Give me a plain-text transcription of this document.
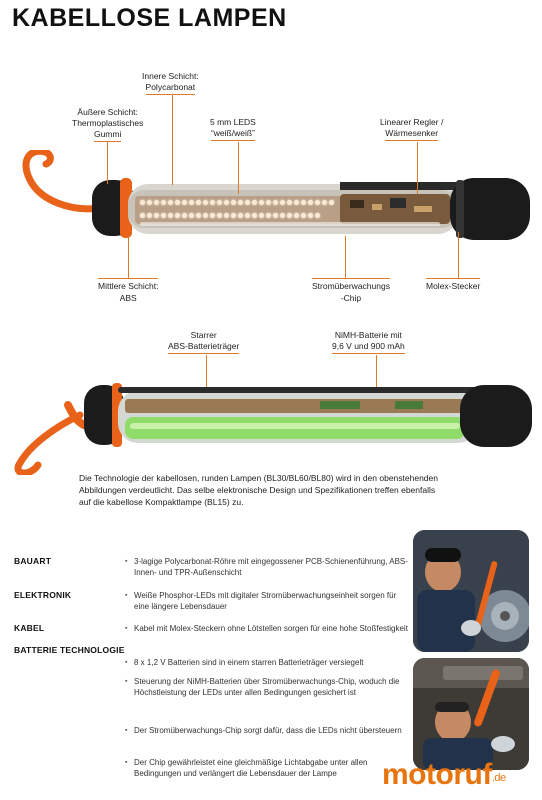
KABELLOSE LAMPEN
Innere Schicht:
Polycarbonat
Äußere Schicht:
Thermoplastisches
Gummi
5 mm LEDS
“weiß/weiß”
Linearer Regler /
Wärmesenker
Mittlere Schicht:
ABS
Stromüberwachungs
-Chip
Molex-Stecker
Starrer
ABS-Batterieträger
NiMH-Batterie mit
9,6 V und 900 mAh
Die Technologie der kabellosen, runden Lampen (BL30/BL60/BL80) wird in den obenstehenden Abbildungen verdeutlicht. Das selbe elektronische Design und Spezifikationen treffen ebenfalls auf die kabellose Kompaktlampe (BL15) zu.
BAUART	▪ 3-lagige Polycarbonat-Röhre mit eingegossener PCB-Schienenführung, ABS-Innen- und TPR-Außenschicht
ELEKTRONIK	▪ Weiße Phosphor-LEDs mit digitaler Stromüberwachungseinheit sorgen für eine längere Lebensdauer
KABEL	▪ Kabel mit Molex-Steckern ohne Lötstellen sorgen für eine hohe Stoßfestigkeit
BATTERIE TECHNOLOGIE
▪ 8 x 1,2 V Batterien sind in einem starren Batterieträger versiegelt
▪ Steuerung der NiMH-Batterien über Stromüberwachungs-Chip, woduch die Höchstleistung der LEDs unter allen Bedingungen gesichert ist
▪ Der Stromüberwachungs-Chip sorgt dafür, dass die LEDs nicht übersteuern
▪ Der Chip gewährleistet eine gleichmäßige Lichtabgabe unter allen Bedingungen und verlängert die Lebensdauer der Lampe	motoruf$^{.de}$
